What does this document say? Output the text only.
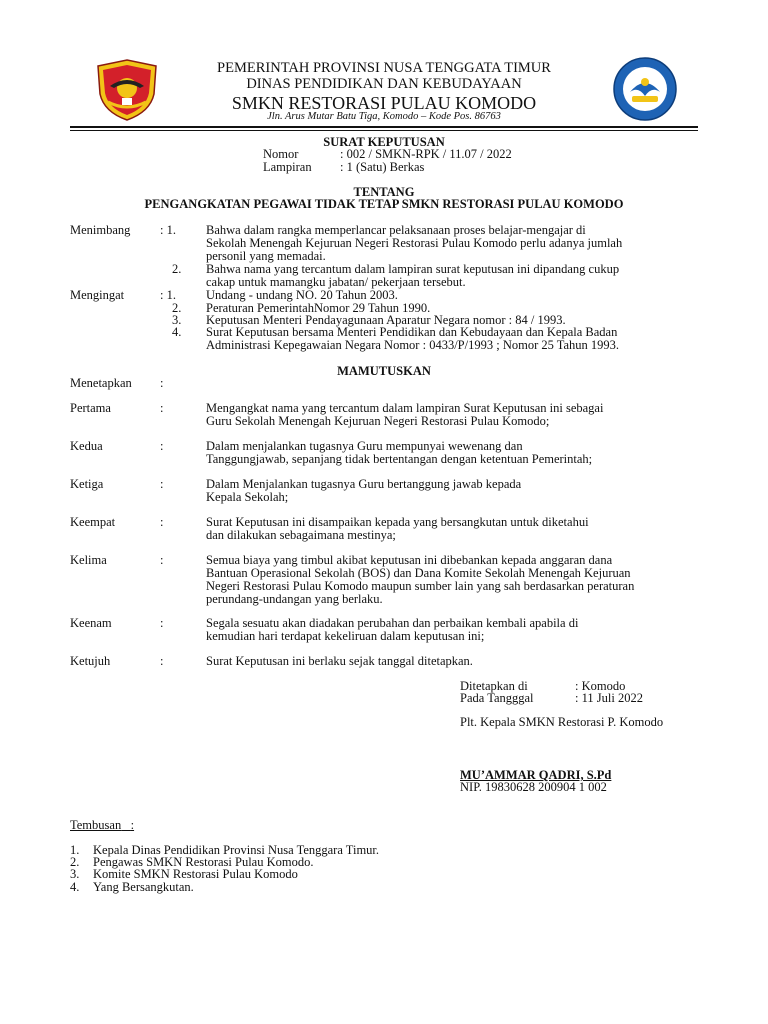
PEMERINTAH PROVINSI NUSA TENGGATA TIMUR
DINAS PENDIDIKAN DAN KEBUDAYAAN
SMKN RESTORASI PULAU KOMODO
Jln. Arus Mutar Batu Tiga, Komodo – Kode Pos. 86763
SURAT KEPUTUSAN
Nomor	: 002 / SMKN-RPK / 11.07 / 2022
Lampiran : 1 (Satu) Berkas
TENTANG
PENGANGKATAN PEGAWAI TIDAK TETAP SMKN RESTORASI PULAU KOMODO
Menimbang : 1. Bahwa dalam rangka memperlancar pelaksanaan proses belajar-mengajar di
Sekolah Menengah Kejuruan Negeri Restorasi Pulau Komodo perlu adanya jumlah
personil yang memadai.
2. Bahwa nama yang tercantum dalam lampiran surat keputusan ini dipandang cukup
cakap untuk mamangku jabatan/ pekerjaan tersebut.
Mengingat	: 1. Undang - undang NO. 20 Tahun 2003.
2. Peraturan PemerintahNomor 29 Tahun 1990.
3. Keputusan Menteri Pendayagunaan Aparatur Negara nomor : 84 / 1993.
4. Surat Keputusan bersama Menteri Pendidikan dan Kebudayaan dan Kepala Badan
Administrasi Kepegawaian Negara Nomor : 0433/P/1993 ; Nomor 25 Tahun 1993.
MAMUTUSKAN
Menetapkan :
Pertama	:	Mengangkat nama yang tercantum dalam lampiran Surat Keputusan ini sebagai
Guru Sekolah Menengah Kejuruan Negeri Restorasi Pulau Komodo;
Kedua	:	Dalam menjalankan tugasnya Guru mempunyai wewenang dan
Tanggungjawab, sepanjang tidak bertentangan dengan ketentuan Pemerintah;
Ketiga	:	Dalam Menjalankan tugasnya Guru bertanggung jawab kepada
Kepala Sekolah;
Keempat	:	Surat Keputusan ini disampaikan kepada yang bersangkutan untuk diketahui
dan dilakukan sebagaimana mestinya;
Kelima	:	Semua biaya yang timbul akibat keputusan ini dibebankan kepada anggaran dana
Bantuan Operasional Sekolah (BOS) dan Dana Komite Sekolah Menengah Kejuruan
Negeri Restorasi Pulau Komodo maupun sumber lain yang sah berdasarkan peraturan
perundang-undangan yang berlaku.
Keenam	:	Segala sesuatu akan diadakan perubahan dan perbaikan kembali apabila di
kemudian hari terdapat kekeliruan dalam keputusan ini;
Ketujuh	:	Surat Keputusan ini berlaku sejak tanggal ditetapkan.
Ditetapkan di	: Komodo
Pada Tangggal	: 11 Juli 2022
Plt. Kepala SMKN Restorasi P. Komodo
MU’AMMAR QADRI, S.Pd
NIP. 19830628 200904 1 002
Tembusan :
1. Kepala Dinas Pendidikan Provinsi Nusa Tenggara Timur.
2. Pengawas SMKN Restorasi Pulau Komodo.
3. Komite SMKN Restorasi Pulau Komodo
4. Yang Bersangkutan.
